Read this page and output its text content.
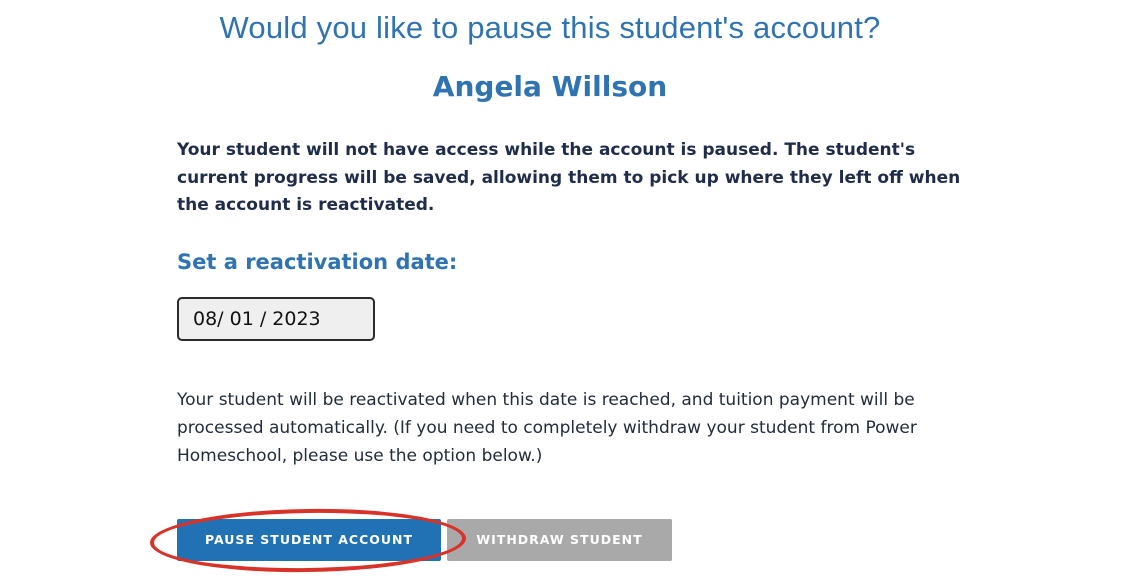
Would you like to pause this student's account?
Angela Willson

Your student will not have access while the account is paused. The student's current progress will be saved, allowing them to pick up where they left off when the account is reactivated.

Set a reactivation date:
08/ 01 / 2023

Your student will be reactivated when this date is reached, and tuition payment will be processed automatically. (If you need to completely withdraw your student from Power Homeschool, please use the option below.)

PAUSE STUDENT ACCOUNT	WITHDRAW STUDENT
